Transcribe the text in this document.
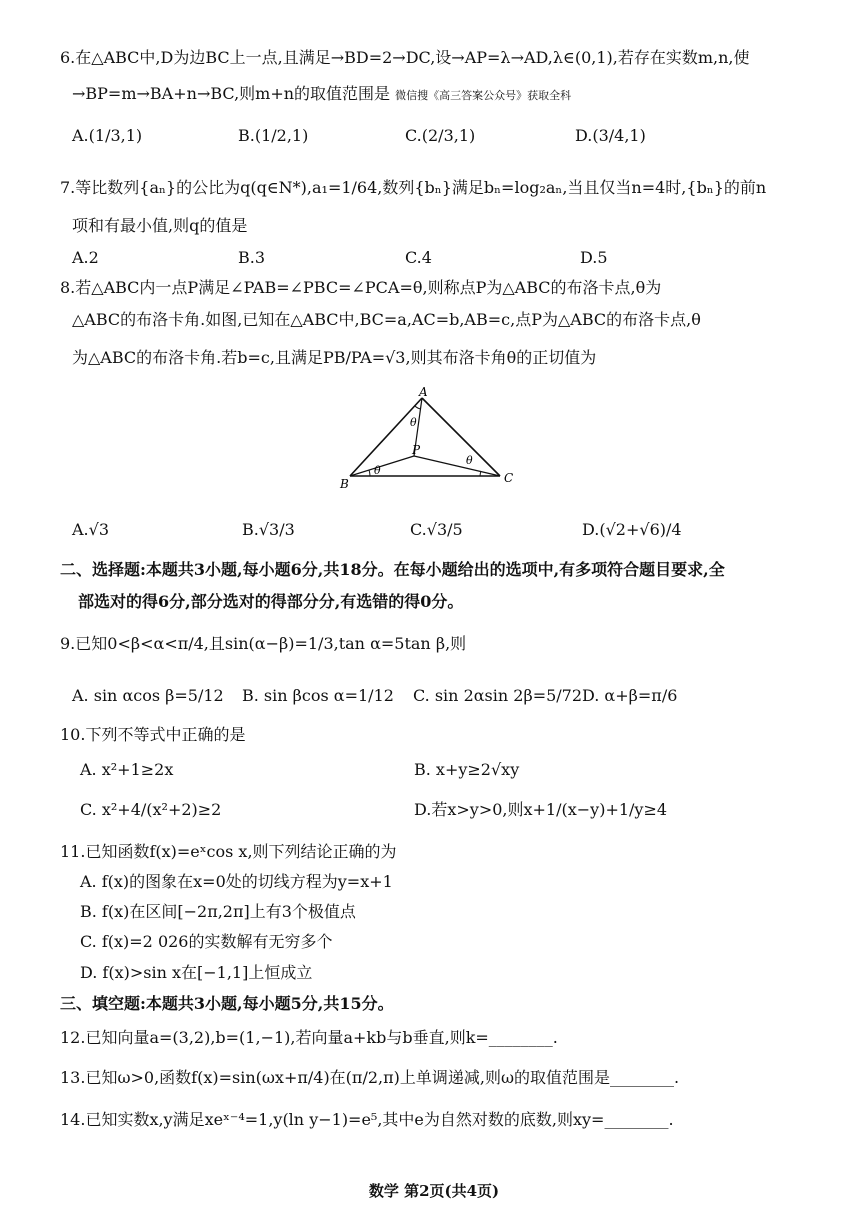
6.在△ABC中,D为边BC上一点,且满足→BD=2→DC,设→AP=λ→AD,λ∈(0,1),若存在实数m,n,使
→BP=m→BA+n→BC,则m+n的取值范围是 微信搜《高三答案公众号》获取全科
A.(1/3,1)	B.(1/2,1)	C.(2/3,1)	D.(3/4,1)
7.等比数列{aₙ}的公比为q(q∈N*),a₁=1/64,数列{bₙ}满足bₙ=log₂aₙ,当且仅当n=4时,{bₙ}的前n
项和有最小值,则q的值是
A.2	B.3	C.4	D.5
8.若△ABC内一点P满足∠PAB=∠PBC=∠PCA=θ,则称点P为△ABC的布洛卡点,θ为
△ABC的布洛卡角.如图,已知在△ABC中,BC=a,AC=b,AB=c,点P为△ABC的布洛卡点,θ
为△ABC的布洛卡角.若b=c,且满足PB/PA=√3,则其布洛卡角θ的正切值为
A
B	C
P
θ
θ
θ
A.√3	B.√3/3	C.√3/5	D.(√2+√6)/4
二、选择题:本题共3小题,每小题6分,共18分。在每小题给出的选项中,有多项符合题目要求,全
部选对的得6分,部分选对的得部分分,有选错的得0分。
9.已知0<β<α<π/4,且sin(α−β)=1/3,tan α=5tan β,则
A. sin αcos β=5/12 B. sin βcos α=1/12 C. sin 2αsin 2β=5/72 D. α+β=π/6
10.下列不等式中正确的是
A. x²+1≥2x	B. x+y≥2√xy
C. x²+4/(x²+2)≥2	D.若x>y>0,则x+1/(x−y)+1/y≥4
11.已知函数f(x)=eˣcos x,则下列结论正确的为
A. f(x)的图象在x=0处的切线方程为y=x+1
B. f(x)在区间[−2π,2π]上有3个极值点
C. f(x)=2 026的实数解有无穷多个
D. f(x)>sin x在[−1,1]上恒成立
三、填空题:本题共3小题,每小题5分,共15分。
12.已知向量a=(3,2),b=(1,−1),若向量a+kb与b垂直,则k=________.
13.已知ω>0,函数f(x)=sin(ωx+π/4)在(π/2,π)上单调递减,则ω的取值范围是________.
14.已知实数x,y满足xeˣ⁻⁴=1,y(ln y−1)=e⁵,其中e为自然对数的底数,则xy=________.
数学 第2页(共4页)
